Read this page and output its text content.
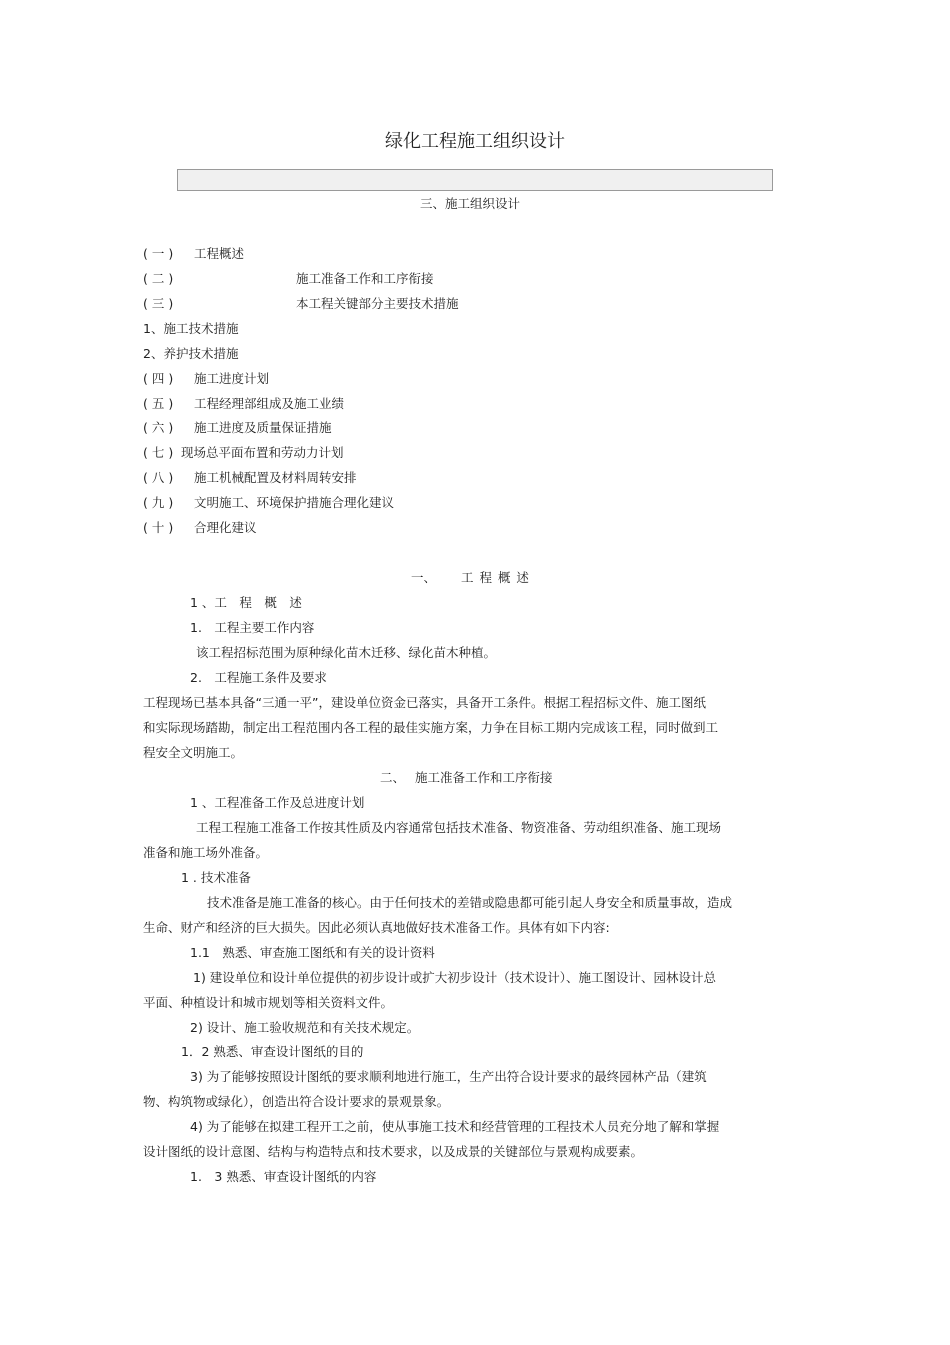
绿化工程施工组织设计
三、施工组织设计
( 一 ) 工程概述
( 二 )	施工准备工作和工序衔接
( 三 )	本工程关键部分主要技术措施
1、施工技术措施
2、养护技术措施
( 四 ) 施工进度计划
( 五 ) 工程经理部组成及施工业绩
( 六 ) 施工进度及质量保证措施
( 七 ) 现场总平面布置和劳动力计划
( 八 ) 施工机械配置及材料周转安排
( 九 ) 文明施工、环境保护措施合理化建议
( 十 ) 合理化建议
一、 工 程 概 述
1 、工　程　概　述
1.　工程主要工作内容
该工程招标范围为原种绿化苗木迁移、绿化苗木种植。
2.　工程施工条件及要求
工程现场已基本具备“三通一平”，建设单位资金已落实，具备开工条件。根据工程招标文件、施工图纸
和实际现场踏勘，制定出工程范围内各工程的最佳实施方案，力争在目标工期内完成该工程，同时做到工
程安全文明施工。
二、 施工准备工作和工序衔接
1 、工程准备工作及总进度计划
工程工程施工准备工作按其性质及内容通常包括技术准备、物资准备、劳动组织准备、施工现场
准备和施工场外准备。
1 . 技术准备
技术准备是施工准备的核心。由于任何技术的差错或隐患都可能引起人身安全和质量事故，造成
生命、财产和经济的巨大损失。因此必须认真地做好技术准备工作。具体有如下内容:
1.1　熟悉、审查施工图纸和有关的设计资料
1) 建设单位和设计单位提供的初步设计或扩大初步设计（技术设计）、施工图设计、园林设计总
平面、种植设计和城市规划等相关资料文件。
2) 设计、施工验收规范和有关技术规定。
1．2 熟悉、审查设计图纸的目的
3) 为了能够按照设计图纸的要求顺利地进行施工，生产出符合设计要求的最终园林产品（建筑
物、构筑物或绿化），创造出符合设计要求的景观景象。
4) 为了能够在拟建工程开工之前，使从事施工技术和经营管理的工程技术人员充分地了解和掌握
设计图纸的设计意图、结构与构造特点和技术要求，以及成景的关键部位与景观构成要素。
1.　3 熟悉、审查设计图纸的内容
